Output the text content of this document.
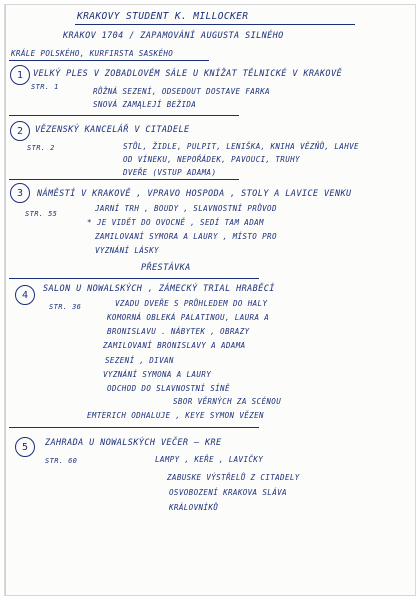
KRAKOVY STUDENT K. MILLOCKER
KRAKOV 1704 / ZAPAMOVÁNÍ AUGUSTA SILNÉHO
KRÁLE POLSKÉHO, KURFIRSTA SASKÉHO
1 VELKÝ PLES V ZOBADLOVÉM SÁLE U KNÍŽAT TĚLNICKÉ V KRAKOVĚ
STR. 1	RŮŽNÁ SEZENÍ, ODSEDOUT DOSTAVE FARKA
SNOVÁ ZAMĄLEJÍ BEŽIDA
2 VĚZENSKÝ KANCELÁŘ V CITADELE
STR. 2	STŮL, ŽIDLE, PULPIT, LENIŠKA, KNIHA VĚZŇŮ, LAHVE
OD VÍNEKU, NEPOŘÁDEK, PAVOUCI, TRUHY
DVEŘE (VSTUP ADAMA)
3 NÁMĚSTÍ V KRAKOVĚ , VPRAVO HOSPODA , STOLY A LAVICE VENKU
STR. 55
JARNÍ TRH , BOUDY , SLAVNOSTNÍ PRŮVOD
* JE VIDĚT DO OVOCNĚ , SEDÍ TAM ADAM
ZAMILOVANÍ SYMORA A LAURY , MÍSTO PRO
VYZNÁNÍ LÁSKY
PŘESTÁVKA
4
SALON U NOWALSKÝCH , ZÁMECKÝ TRIAL HRABĚCÍ
STR. 36	VZADU DVEŘE S PRŮHLEDEM DO HALY
KOMORNÁ OBLEKÁ PALATINOU, LAURA A
BRONISLAVU . NÁBYTEK , OBRAZY
ZAMILOVANÍ BRONISLAVY A ADAMA
SEZENÍ , DIVAN
VYZNÁNÍ SYMONA A LAURY
ODCHOD DO SLAVNOSTNÍ SÍNĚ
SBOR VĚRNÝCH ZA SCÉNOU
EMTERICH ODHALUJE , KEYE SYMON VĚZEN
5 ZAHRADA U NOWALSKÝCH VEČER – KRE
STR. 60	LAMPY , KEŘE , LAVIČKY
ZABUSKE VÝSTŘELŮ Z CITADELY
OSVOBOZENÍ KRAKOVA SLÁVA
KRÁLOVNÍKŮ
